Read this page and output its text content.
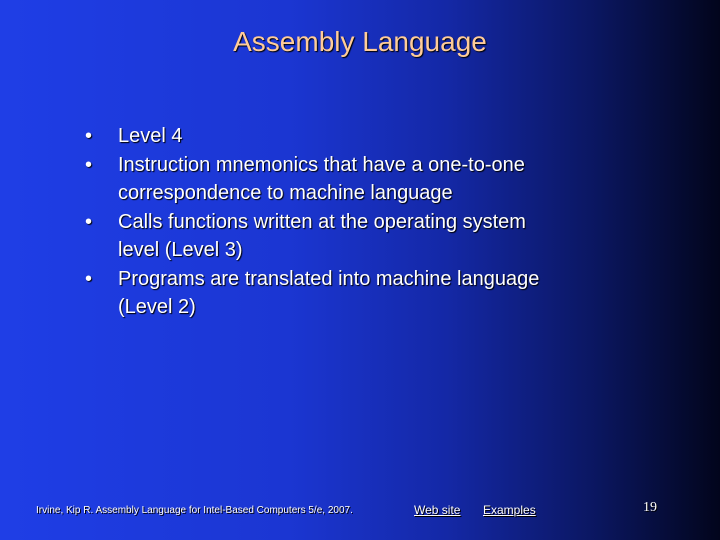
Assembly Language
• Level 4
• Instruction mnemonics that have a one-to-one correspondence to machine language
• Calls functions written at the operating system level (Level 3)
• Programs are translated into machine language (Level 2)
Irvine, Kip R. Assembly Language for Intel-Based Computers 5/e, 2007.	Web site Examples	19
